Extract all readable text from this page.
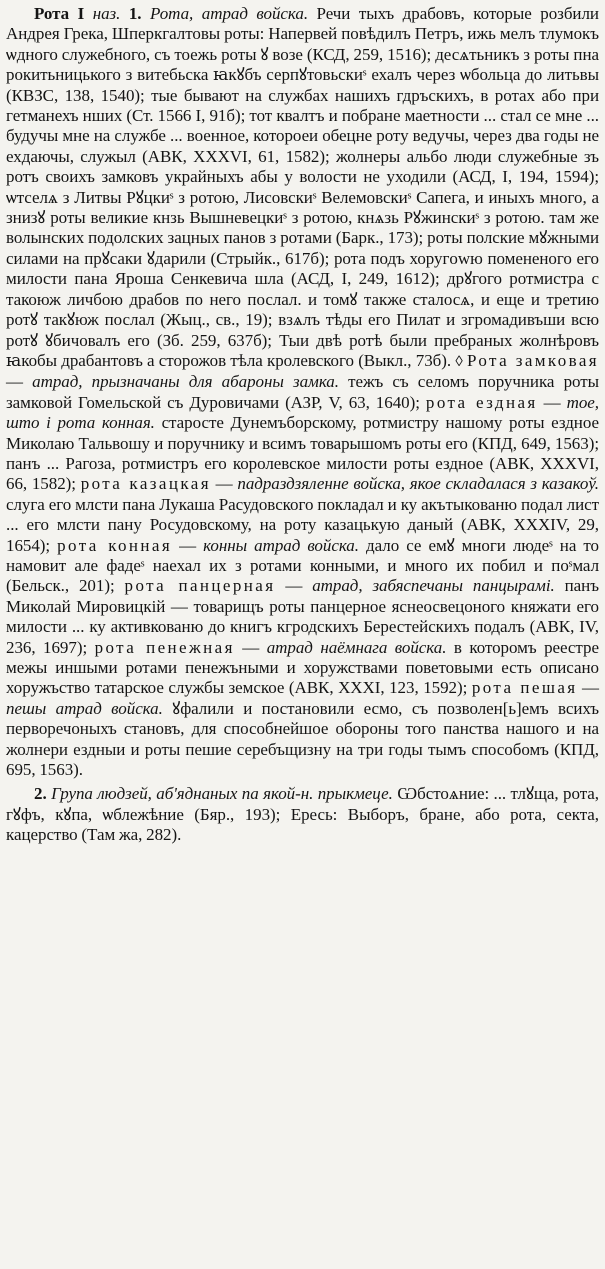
Рота I наз. 1. Рота, атрад войска. Речи тыхъ драбовъ, которые розбили Андрея Грека, Шперкгалтовы роты: Напервей повѣдилъ Петръ, ижь мелъ тлумокъ ѡдного служебного, съ тоежь роты ꙋ возе (КСД, 259, 1516); десѧтьникъ з роты пна рокитьницького з витебьска ꙗкꙋбъ серпꙋтовьскиˢ ехалъ через ѡбольца до литьвы (КВЗС, 138, 1540); тые бывают на службах нашихъ гдръскихъ, в ротах або при гетманехъ нших (Ст. 1566 І, 91б); тот квалтъ и побране маетности ... стал се мне ... будучы мне на службе ... военное, котороеи обецне роту ведучы, через два годы не ехдаючы, служыл (АВК, XXXVI, 61, 1582); жолнеры альбо люди служебные зъ ротъ своихъ замковъ украйныхъ абы у волости не уходили (АСД, І, 194, 1594); ѡтселѧ з Литвы Рꙋцкиˢ з ротою, Лисовскиˢ Велемовскиˢ Сапега, и иныхъ много, а знизꙋ роты великие кнзь Вышневецкиˢ з ротою, кнѧзь Рꙋжинскиˢ з ротою. там же волынских подолских зацных панов з ротами (Барк., 173); роты полские мꙋжными силами на прꙋсаки ꙋдарили (Стрыйк., 617б); рота подъ хоругowю помененого его милости пана Яроша Сенкевича шла (АСД, І, 249, 1612); дрꙋгого ротмистра с такоюж личбою драбов по него послал. и томꙋ также сталосѧ, и еще и третию ротꙋ такꙋюж послал (Жыц., св., 19); взѧлъ тѣды его Пилат и згромадивъши всю ротꙋ ꙋбичовалъ его (Зб. 259, 637б); Тыи двѣ ротѣ были пребраных жолнѣровъ ꙗкобы драбантовъ а сторожов тѣла кролевского (Выкл., 73б). ◊ Рота замковая — атрад, прызначаны для абароны замка. тежъ съ селомъ поручника роты замковой Гомельской съ Дуровичами (АЗР, V, 63, 1640); рота ездная — тое, што і рота конная. старосте Дунемъборскому, ротмистру нашому роты ездное Миколаю Тальвошу и поручнику и всимъ товарышомъ роты его (КПД, 649, 1563); панъ ... Рагоза, ротмистръ его королевское милости роты ездное (АВК, XXXVI, 66, 1582); рота казацкая — падраздзяленне войска, якое складалася з казакоў. слуга его млсти пана Лукаша Расудовского покладал и ку акътыкованю подал лист ... его млсти пану Росудовскому, на роту казацькую даный (АВК, XXXIV, 29, 1654); рота конная — конны атрад войска. дало се емꙋ многи людеˢ на то намовит але фадеˢ наехал их з ротами конными, и много их побил и поˢмал (Бельск., 201); рота панцерная — атрад, забяспечаны панцырамі. панъ Миколай Мировицкій — товарищъ роты панцерное яснеосвецоного княжати его милости ... ку активкованю до книгъ кгродскихъ Берестейскихъ подалъ (АВК, IV, 236, 1697); рота пенежная — атрад наёмнага войска. в которомъ реестре межы иншыми ротами пенежъными и хоружствами поветовыми есть описано хоружъство татарское службы земское (АВК, XXXI, 123, 1592); рота пешая — пешы атрад войска. ꙋфалили и постановили есмо, съ позволен[ь]емъ всихъ перворечоныхъ становъ, для способнейшое обороны того панства нашого и на жолнери ездныи и роты пешие серебъщизну на три годы тымъ способомъ (КПД, 695, 1563).

2. Група людзей, аб'яднаных па якой-н. прыкмеце. Ѡбстоѧние: ... тлꙋща, рота, гꙋфъ, кꙋпа, ѡблежѣние (Бяр., 193); Ересь: Выборъ, бране, або рота, секта, кацерство (Там жа, 282).
